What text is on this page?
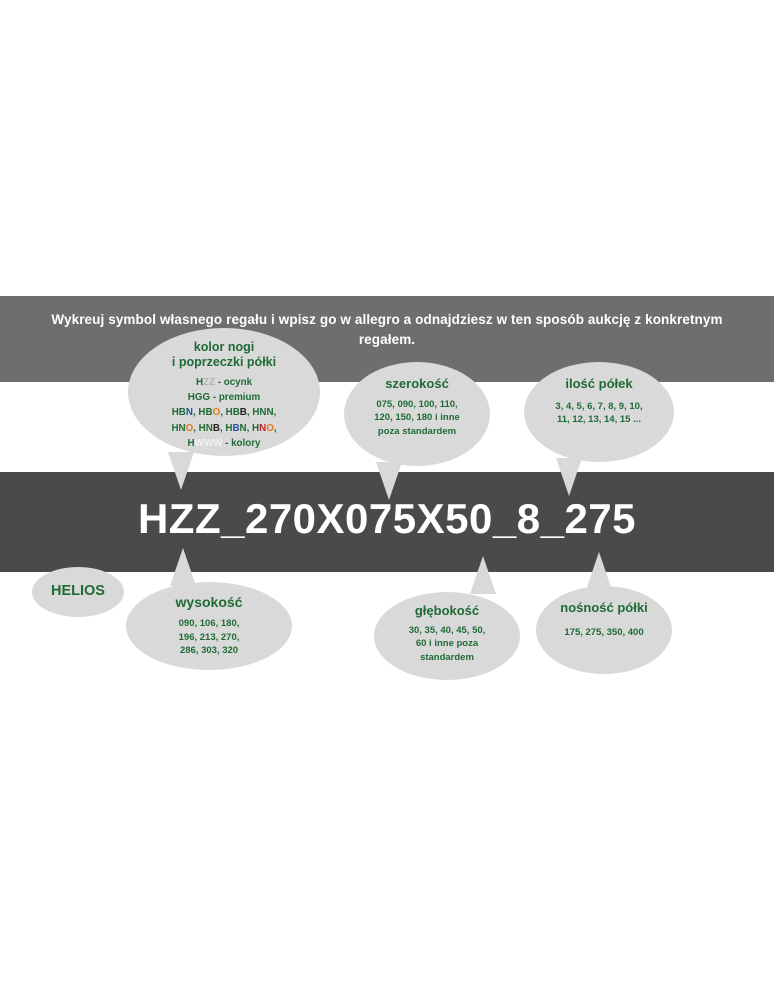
Wykreuj symbol własnego regału i wpisz go w allegro a odnajdziesz w ten sposób aukcję z konkretnym regałem.
HZZ_270X075X50_8_275
kolor nogi
i poprzeczki półki
HZZ - ocynk
HGG - premium
HBN, HBO, HBB, HNN,
HNO, HNB, HBN, HNO,
HWWW - kolory
szerokość
075, 090, 100, 110,
120, 150, 180 i inne
poza standardem
ilość półek
3, 4, 5, 6, 7, 8, 9, 10,
11, 12, 13, 14, 15 ...
HELIOS
wysokość
090, 106, 180,
196, 213, 270,
286, 303, 320
głębokość
30, 35, 40, 45, 50,
60 i inne poza
standardem
nośność półki
175, 275, 350, 400
